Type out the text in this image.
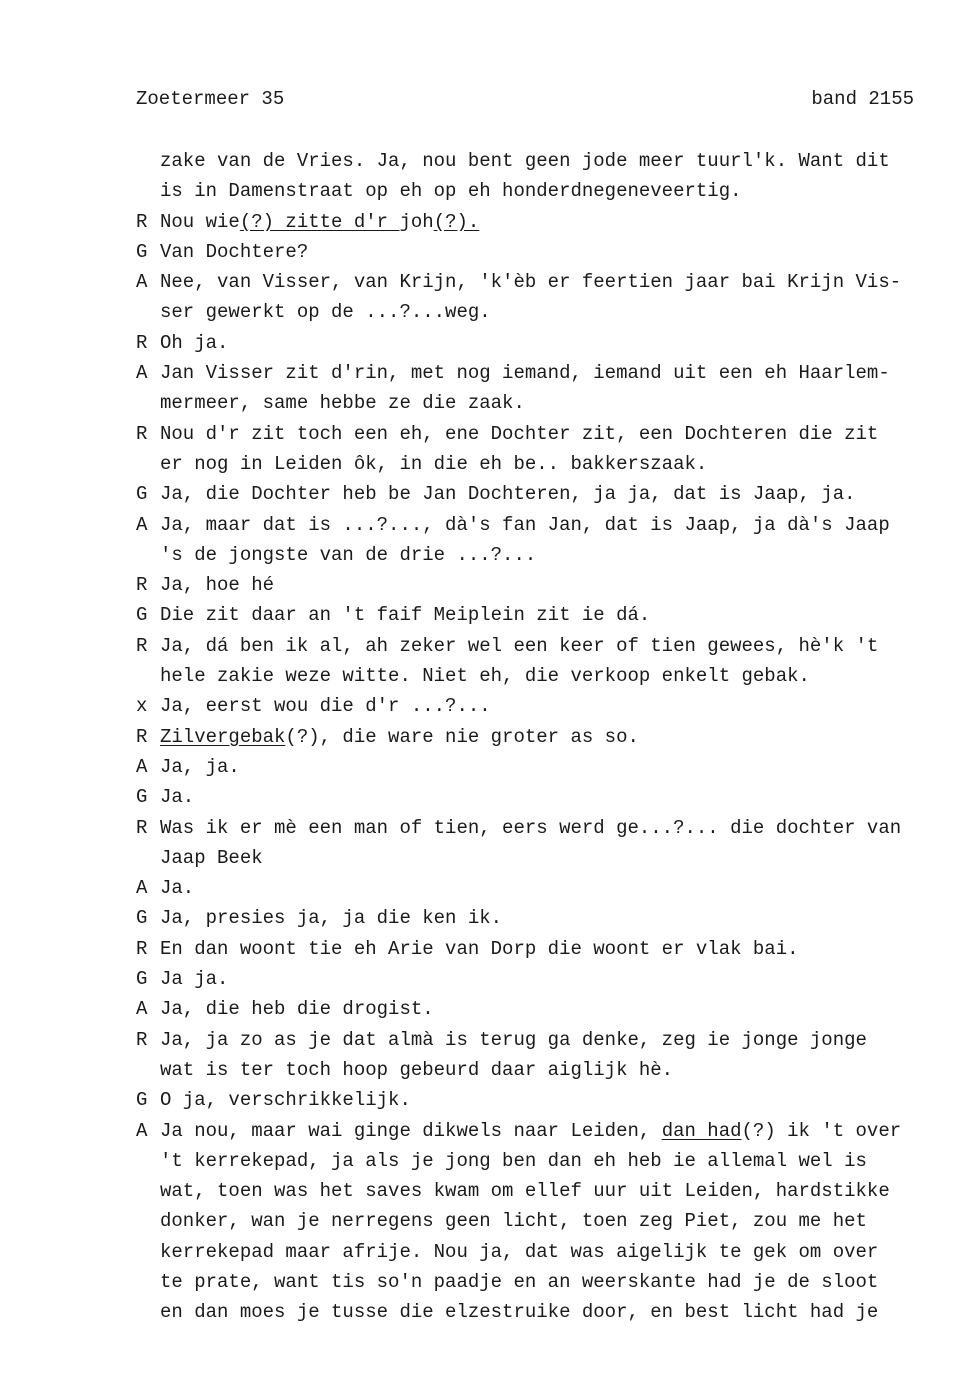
Zoetermeer 35	band 2155
zake van de Vries. Ja, nou bent geen jode meer tuurl'k. Want dit
is in Damenstraat op eh op eh honderdnegeneveertig.
R Nou wie(?) zitte d'r joh(?).
G Van Dochtere?
A Nee, van Visser, van Krijn, 'k'èb er feertien jaar bai Krijn Vis-
ser gewerkt op de ...?...weg.
R Oh ja.
A Jan Visser zit d'rin, met nog iemand, iemand uit een eh Haarlem-
mermeer, same hebbe ze die zaak.
R Nou d'r zit toch een eh, ene Dochter zit, een Dochteren die zit
er nog in Leiden ôk, in die eh be.. bakkerszaak.
G Ja, die Dochter heb be Jan Dochteren, ja ja, dat is Jaap, ja.
A Ja, maar dat is ...?..., dà's fan Jan, dat is Jaap, ja dà's Jaap
's de jongste van de drie ...?...
R Ja, hoe hé
G Die zit daar an 't faif Meiplein zit ie dá.
R Ja, dá ben ik al, ah zeker wel een keer of tien gewees, hè'k 't
hele zakie weze witte. Niet eh, die verkoop enkelt gebak.
x Ja, eerst wou die d'r ...?...
R Zilvergebak(?), die ware nie groter as so.
A Ja, ja.
G Ja.
R Was ik er mè een man of tien, eers werd ge...?... die dochter van
Jaap Beek
A Ja.
G Ja, presies ja, ja die ken ik.
R En dan woont tie eh Arie van Dorp die woont er vlak bai.
G Ja ja.
A Ja, die heb die drogist.
R Ja, ja zo as je dat almà is terug ga denke, zeg ie jonge jonge
wat is ter toch hoop gebeurd daar aiglijk hè.
G O ja, verschrikkelijk.
A Ja nou, maar wai ginge dikwels naar Leiden, dan had(?) ik 't over
't kerrekepad, ja als je jong ben dan eh heb ie allemal wel is
wat, toen was het saves kwam om ellef uur uit Leiden, hardstikke
donker, wan je nerregens geen licht, toen zeg Piet, zou me het
kerrekepad maar afrije. Nou ja, dat was aigelijk te gek om over
te prate, want tis so'n paadje en an weerskante had je de sloot
en dan moes je tusse die elzestruike door, en best licht had je
